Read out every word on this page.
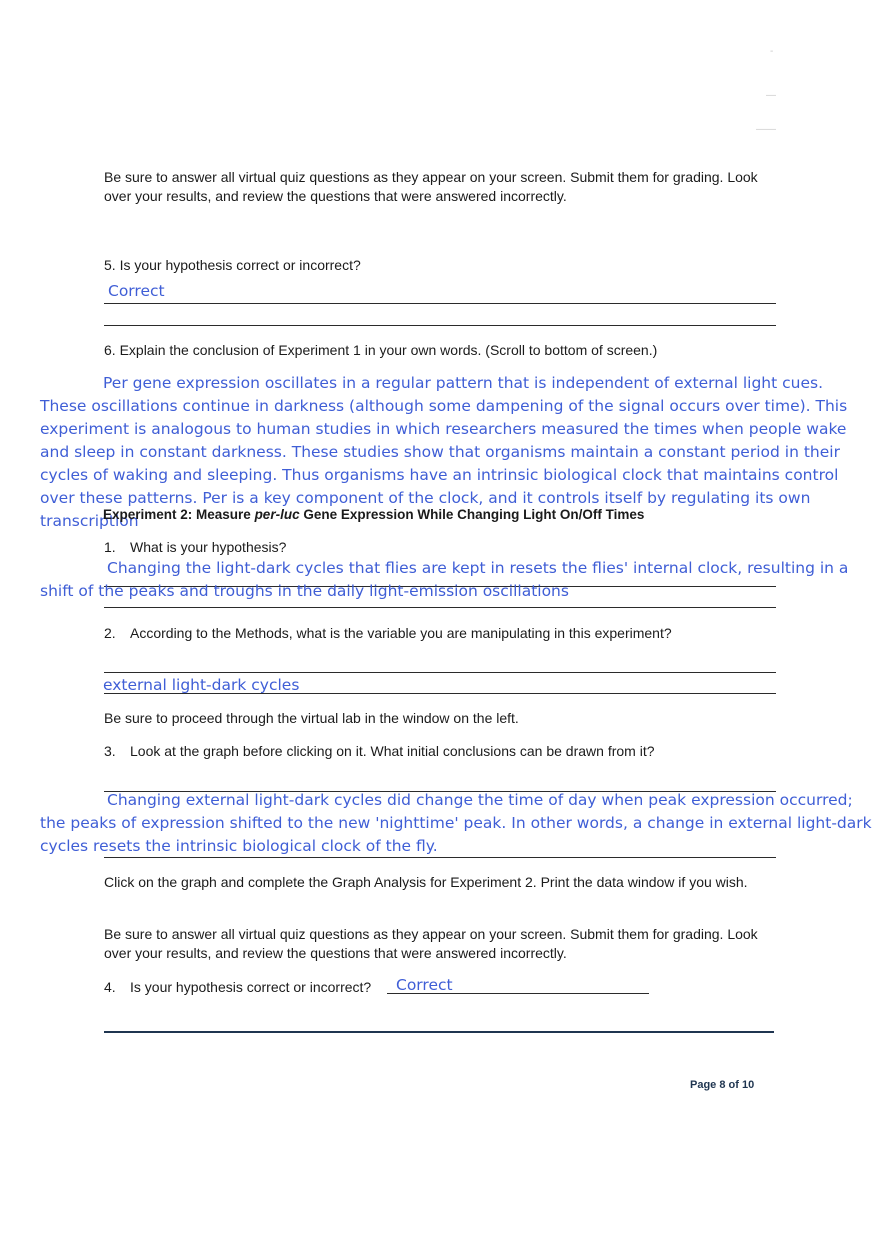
-
—
——
Be sure to answer all virtual quiz questions as they appear on your screen. Submit them for grading. Look over your results, and review the questions that were answered incorrectly.
5. Is your hypothesis correct or incorrect?
Correct
6. Explain the conclusion of Experiment 1 in your own words. (Scroll to bottom of screen.)
Per gene expression oscillates in a regular pattern that is independent of external light cues.
These oscillations continue in darkness (although some dampening of the signal occurs over time). This
experiment is analogous to human studies in which researchers measured the times when people wake
and sleep in constant darkness. These studies show that organisms maintain a constant period in their
cycles of waking and sleeping. Thus organisms have an intrinsic biological clock that maintains control
over these patterns. Per is a key component of the clock, and it controls itself by regulating its own
transcription
Experiment 2: Measure per-luc Gene Expression While Changing Light On/Off Times
1. What is your hypothesis?
Changing the light-dark cycles that flies are kept in resets the flies' internal clock, resulting in a
shift of the peaks and troughs in the daily light-emission oscillations
2. According to the Methods, what is the variable you are manipulating in this experiment?
external light-dark cycles
Be sure to proceed through the virtual lab in the window on the left.
3. Look at the graph before clicking on it. What initial conclusions can be drawn from it?
Changing external light-dark cycles did change the time of day when peak expression occurred;
the peaks of expression shifted to the new 'nighttime' peak. In other words, a change in external light-dark
cycles resets the intrinsic biological clock of the fly.
Click on the graph and complete the Graph Analysis for Experiment 2. Print the data window if you wish.
Be sure to answer all virtual quiz questions as they appear on your screen. Submit them for grading. Look over your results, and review the questions that were answered incorrectly.
4. Is your hypothesis correct or incorrect? Correct
Page 8 of 10
